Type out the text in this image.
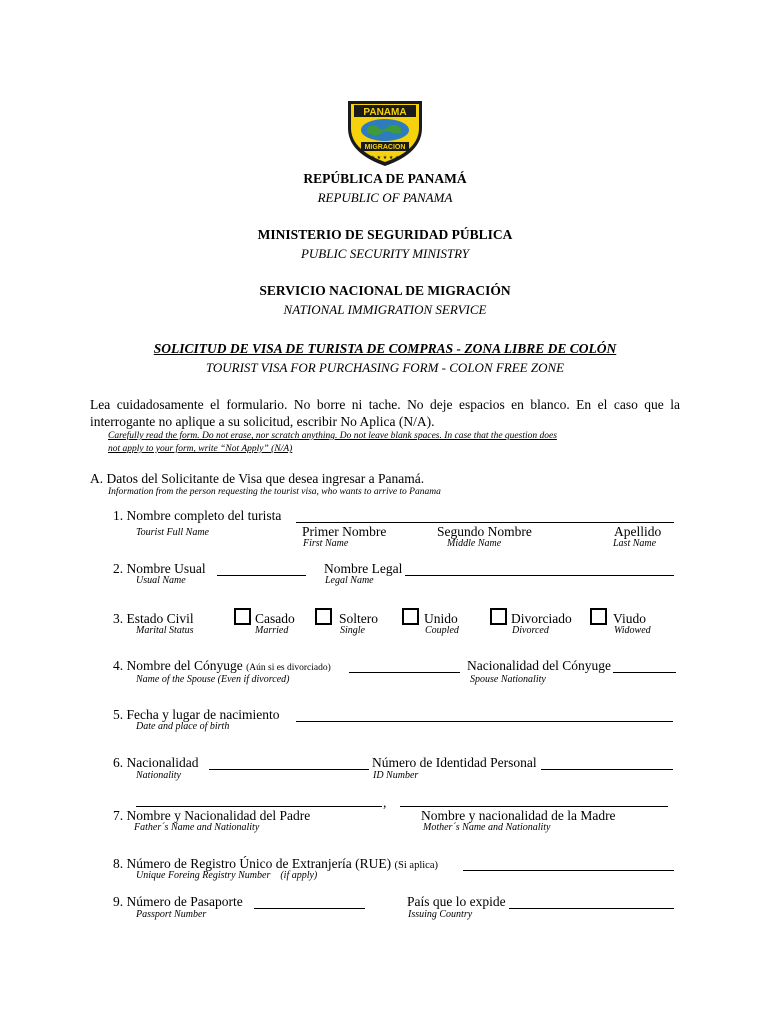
PANAMA
MIGRACION
★ ★ ★ ★ ★
REPÚBLICA DE PANAMÁ
REPUBLIC OF PANAMA
MINISTERIO DE SEGURIDAD PÚBLICA
PUBLIC SECURITY MINISTRY
SERVICIO NACIONAL DE MIGRACIÓN
NATIONAL IMMIGRATION SERVICE
SOLICITUD DE VISA DE TURISTA DE COMPRAS - ZONA LIBRE DE COLÓN
TOURIST VISA FOR PURCHASING FORM - COLON FREE ZONE
Lea cuidadosamente el formulario. No borre ni tache. No deje espacios en blanco. En el caso que la
interrogante no aplique a su solicitud, escribir No Aplica (N/A).
Carefully read the form. Do not erase, nor scratch anything. Do not leave blank spaces. In case that the question does
not apply to your form, write “Not Apply” (N/A)
A. Datos del Solicitante de Visa que desea ingresar a Panamá.
Information from the person requesting the tourist visa, who wants to arrive to Panama
1. Nombre completo del turista
Tourist Full Name	Primer Nombre
First Name
Segundo Nombre
Middle Name
Apellido
Last Name
2. Nombre Usual
Usual Name
Nombre Legal
Legal Name
3. Estado Civil
Marital Status
Casado
Married
Soltero
Single
Unido
Coupled
Divorciado
Divorced
Viudo
Widowed
4. Nombre del Cónyuge (Aún si es divorciado)
Name of the Spouse (Even if divorced)
Nacionalidad del Cónyuge
Spouse Nationality
5. Fecha y lugar de nacimiento
Date and place of birth
6. Nacionalidad
Nationality
Número de Identidad Personal
ID Number
,
7. Nombre y Nacionalidad del Padre
Father´s Name and Nationality
Nombre y nacionalidad de la Madre
Mother´s Name and Nationality
8. Número de Registro Único de Extranjería (RUE) (Si aplica)
Unique Foreing Registry Number    (if apply)
9. Número de Pasaporte
Passport Number
País que lo expide
Issuing Country
